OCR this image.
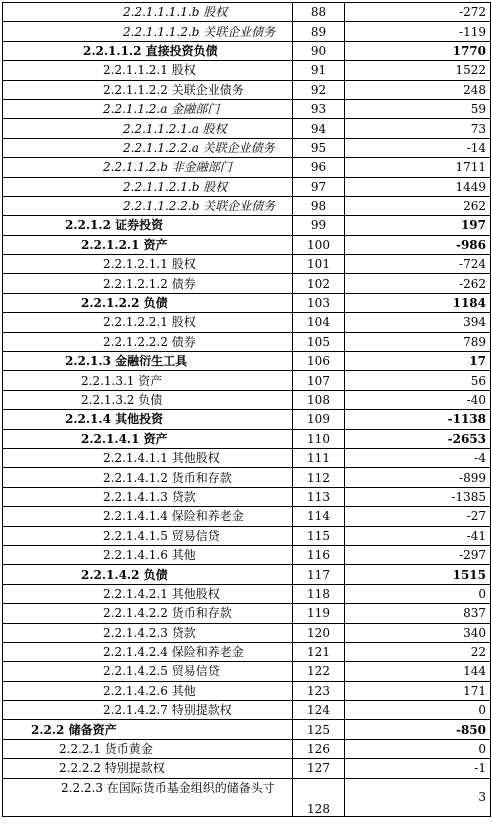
2.2.1.1.1.1.b 股权	88	-272
2.2.1.1.1.2.b 关联企业债务	89	-119
2.2.1.1.2 直接投资负债	90	1770
2.2.1.1.2.1 股权	91	1522
2.2.1.1.2.2 关联企业债务	92	248
2.2.1.1.2.a 金融部门	93	59
2.2.1.1.2.1.a 股权	94	73
2.2.1.1.2.2.a 关联企业债务	95	-14
2.2.1.1.2.b 非金融部门	96	1711
2.2.1.1.2.1.b 股权	97	1449
2.2.1.1.2.2.b 关联企业债务	98	262
2.2.1.2 证券投资	99	197
2.2.1.2.1 资产	100	-986
2.2.1.2.1.1 股权	101	-724
2.2.1.2.1.2 债券	102	-262
2.2.1.2.2 负债	103	1184
2.2.1.2.2.1 股权	104	394
2.2.1.2.2.2 债券	105	789
2.2.1.3 金融衍生工具	106	17
2.2.1.3.1 资产	107	56
2.2.1.3.2 负债	108	-40
2.2.1.4 其他投资	109	-1138
2.2.1.4.1 资产	110	-2653
2.2.1.4.1.1 其他股权	111	-4
2.2.1.4.1.2 货币和存款	112	-899
2.2.1.4.1.3 贷款	113	-1385
2.2.1.4.1.4 保险和养老金	114	-27
2.2.1.4.1.5 贸易信贷	115	-41
2.2.1.4.1.6 其他	116	-297
2.2.1.4.2 负债	117	1515
2.2.1.4.2.1 其他股权	118	0
2.2.1.4.2.2 货币和存款	119	837
2.2.1.4.2.3 贷款	120	340
2.2.1.4.2.4 保险和养老金	121	22
2.2.1.4.2.5 贸易信贷	122	144
2.2.1.4.2.6 其他	123	171
2.2.1.4.2.7 特别提款权	124	0
2.2.2 储备资产	125	-850
2.2.2.1 货币黄金	126	0
2.2.2.2 特别提款权	127	-1

2.2.2.3 在国际货币基金组织的储备头寸	128	3
